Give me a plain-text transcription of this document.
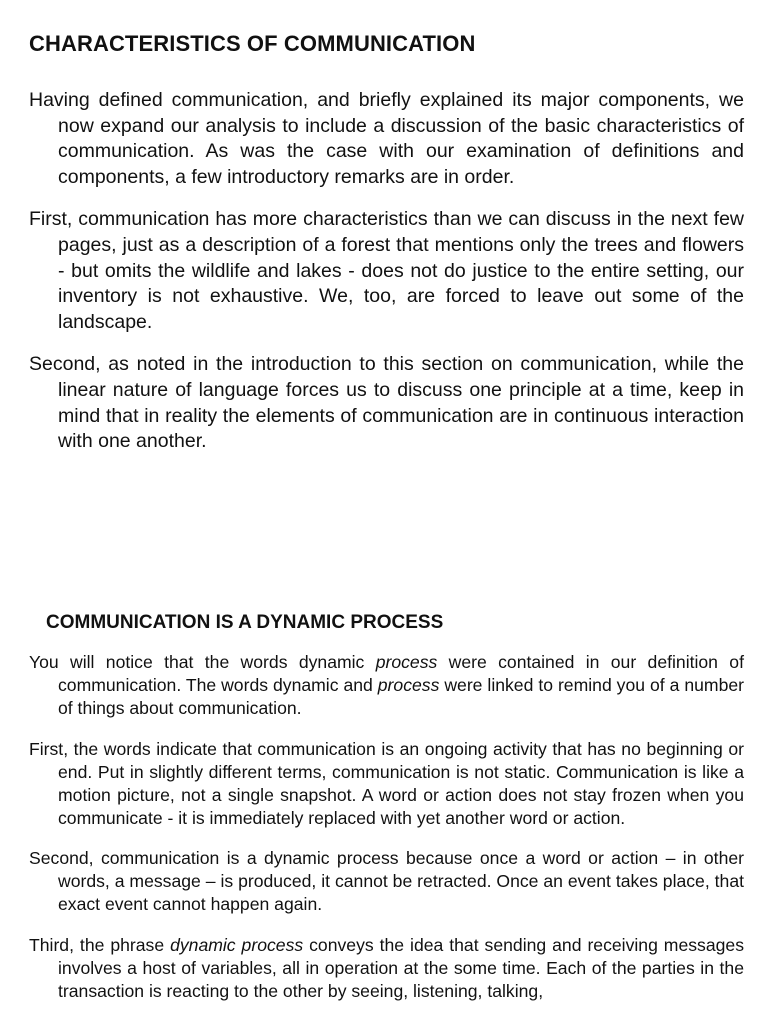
CHARACTERISTICS OF COMMUNICATION

Having defined communication, and briefly explained its major components, we now expand our analysis to include a discussion of the basic characteristics of communication. As was the case with our examination of definitions and components, a few introductory remarks are in order.

First, communication has more characteristics than we can discuss in the next few pages, just as a description of a forest that mentions only the trees and flowers - but omits the wildlife and lakes - does not do justice to the entire setting, our inventory is not exhaustive. We, too, are forced to leave out some of the landscape.

Second, as noted in the introduction to this section on communication, while the linear nature of language forces us to discuss one principle at a time, keep in mind that in reality the elements of communication are in continuous interaction with one another.

COMMUNICATION IS A DYNAMIC PROCESS

You will notice that the words dynamic process were contained in our definition of communication. The words dynamic and process were linked to remind you of a number of things about communication.

First, the words indicate that communication is an ongoing activity that has no beginning or end. Put in slightly different terms, communication is not static. Communication is like a motion picture, not a single snapshot. A word or action does not stay frozen when you communicate - it is immediately replaced with yet another word or action.

Second, communication is a dynamic process because once a word or action – in other words, a message – is produced, it cannot be retracted. Once an event takes place, that exact event cannot happen again.

Third, the phrase dynamic process conveys the idea that sending and receiving messages involves a host of variables, all in operation at the some time. Each of the parties in the transaction is reacting to the other by seeing, listening, talking,
